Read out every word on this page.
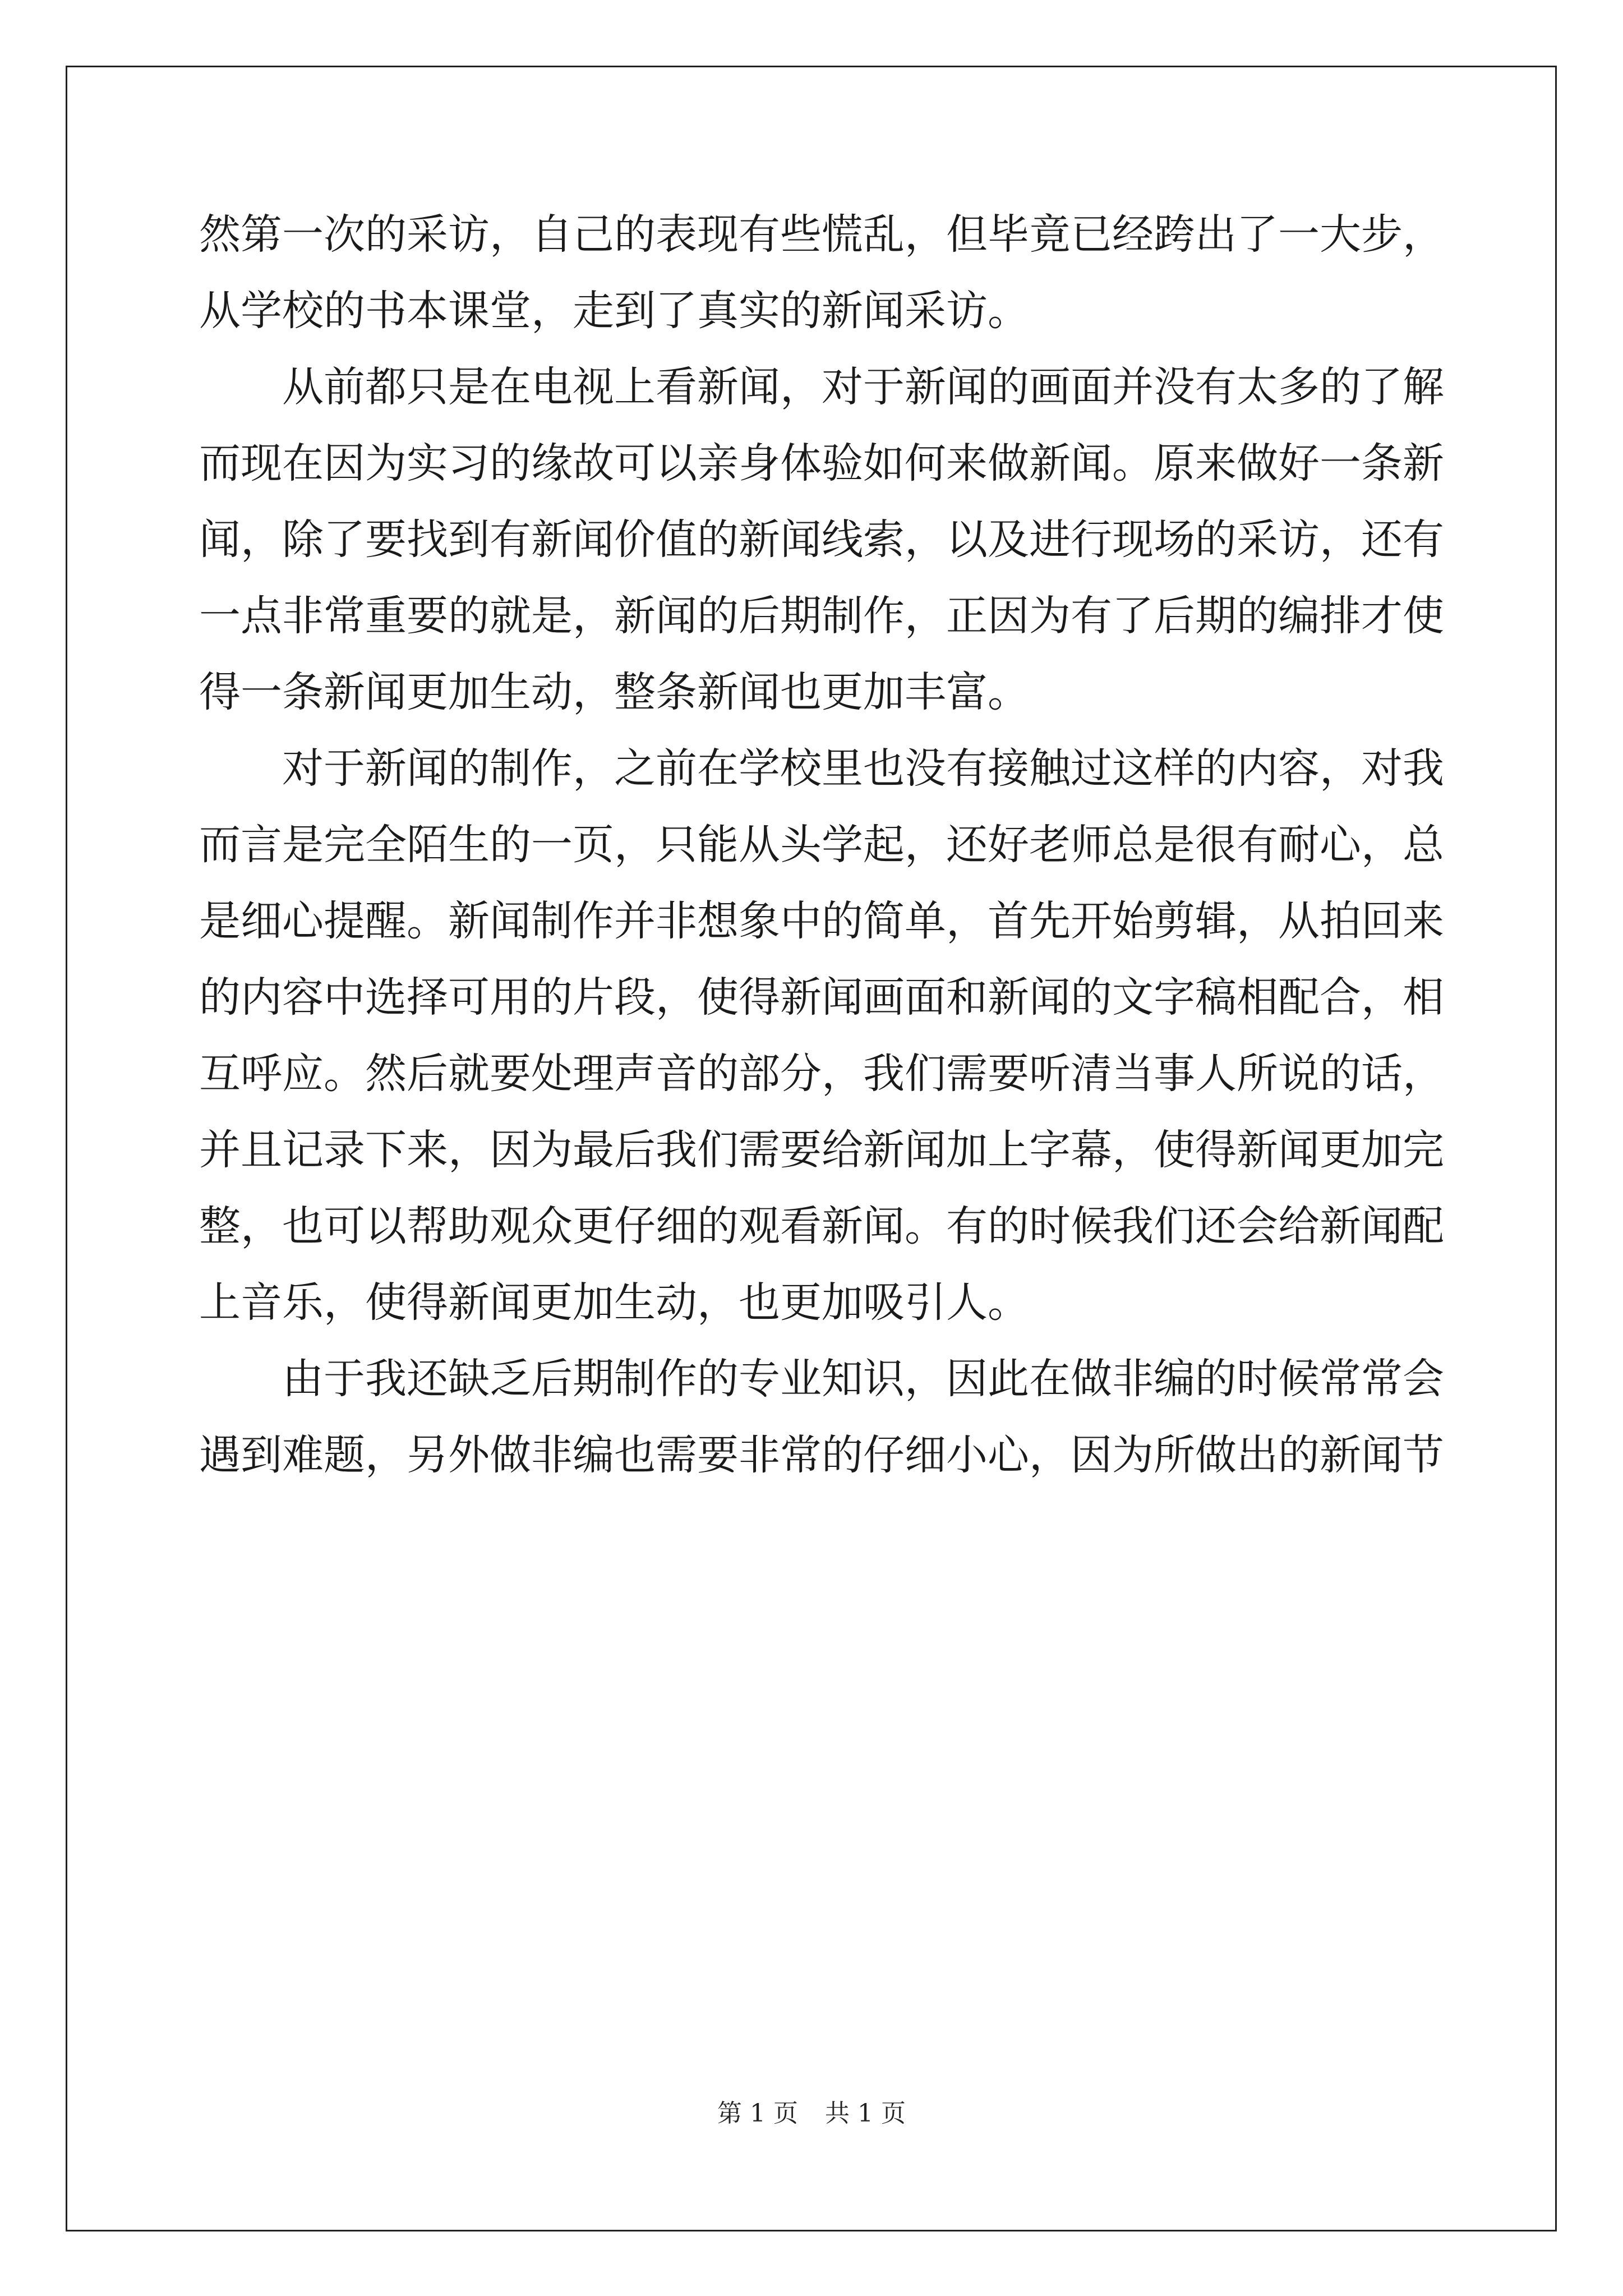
然第一次的采访，自己的表现有些慌乱，但毕竟已经跨出了一大步，
从学校的书本课堂，走到了真实的新闻采访。
　　从前都只是在电视上看新闻，对于新闻的画面并没有太多的了解
而现在因为实习的缘故可以亲身体验如何来做新闻。原来做好一条新
闻，除了要找到有新闻价值的新闻线索，以及进行现场的采访，还有
一点非常重要的就是，新闻的后期制作，正因为有了后期的编排才使
得一条新闻更加生动，整条新闻也更加丰富。
　　对于新闻的制作，之前在学校里也没有接触过这样的内容，对我
而言是完全陌生的一页，只能从头学起，还好老师总是很有耐心，总
是细心提醒。新闻制作并非想象中的简单，首先开始剪辑，从拍回来
的内容中选择可用的片段，使得新闻画面和新闻的文字稿相配合，相
互呼应。然后就要处理声音的部分，我们需要听清当事人所说的话，
并且记录下来，因为最后我们需要给新闻加上字幕，使得新闻更加完
整，也可以帮助观众更仔细的观看新闻。有的时候我们还会给新闻配
上音乐，使得新闻更加生动，也更加吸引人。
　　由于我还缺乏后期制作的专业知识，因此在做非编的时候常常会
遇到难题，另外做非编也需要非常的仔细小心，因为所做出的新闻节
第 1 页 共 1 页
